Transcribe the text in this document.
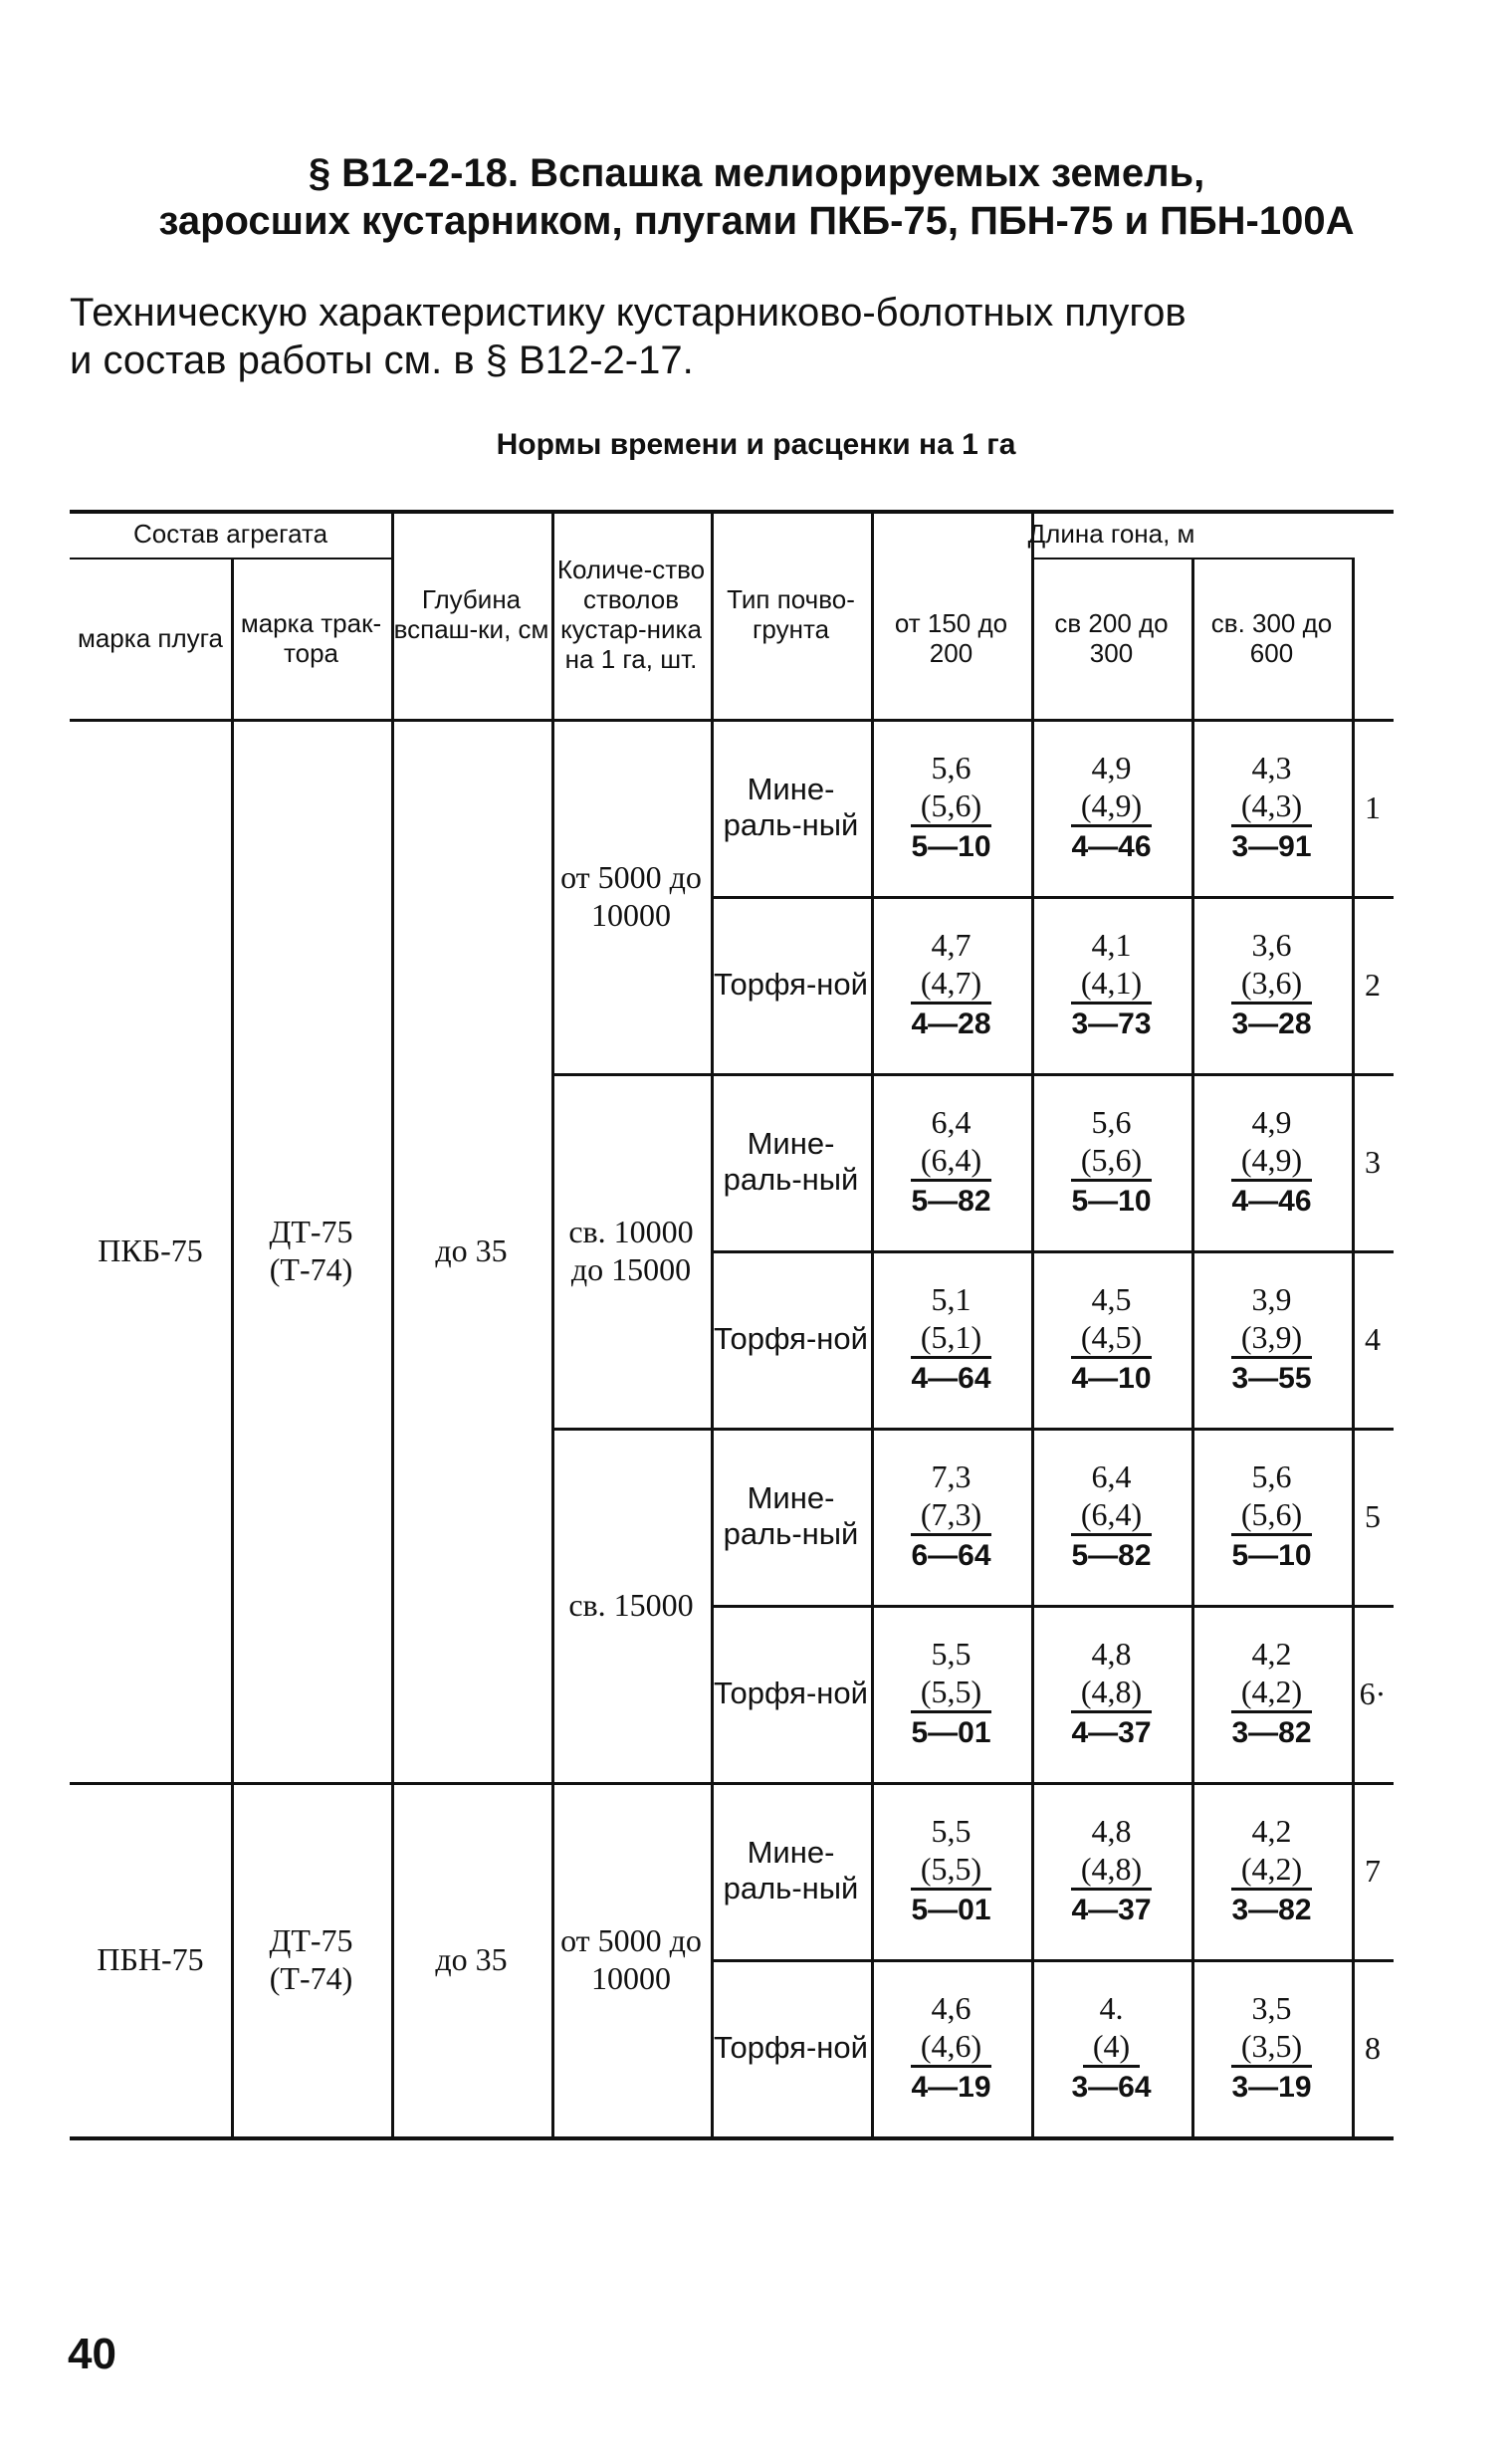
§ В12-2-18. Вспашка мелиорируемых земель,
заросших кустарником, плугами ПКБ-75, ПБН-75 и ПБН-100А
Техническую характеристику кустарниково-болотных плугов
и состав работы см. в § В12-2-17.
Нормы времени и расценки на 1 га
40
Состав агрегата
марка плуга марка трак-тора
Глубина вспаш-ки, см
Количе-ство стволов кустар-ника на 1 га, шт.
Тип почво-грунта
Длина гона, м
от 150 до 200
св 200 до 300
св. 300 до 600
ПКБ-75
ДТ-75 (Т-74)
до 35
ПБН-75
ДТ-75 (Т-74)
до 35
от 5000 до 10000
св. 10000 до 15000
св. 15000
от 5000 до 10000
Мине-раль-ный
5,6
(5,6)
5—10
4,9
(4,9)
4—46
4,3
(4,3)
3—91
1
Торфя-ной
4,7
(4,7)
4—28
4,1
(4,1)
3—73
3,6
(3,6)
3—28
2
Мине-раль-ный
6,4
(6,4)
5—82
5,6
(5,6)
5—10
4,9
(4,9)
4—46
3
Торфя-ной
5,1
(5,1)
4—64
4,5
(4,5)
4—10
3,9
(3,9)
3—55
4
Мине-раль-ный
7,3
(7,3)
6—64
6,4
(6,4)
5—82
5,6
(5,6)
5—10
5
Торфя-ной
5,5
(5,5)
5—01
4,8
(4,8)
4—37
4,2
(4,2)
3—82
6·
Мине-раль-ный
5,5
(5,5)
5—01
4,8
(4,8)
4—37
4,2
(4,2)
3—82
7
Торфя-ной
4,6
(4,6)
4—19
4.
(4)
3—64
3,5
(3,5)
3—19
8
